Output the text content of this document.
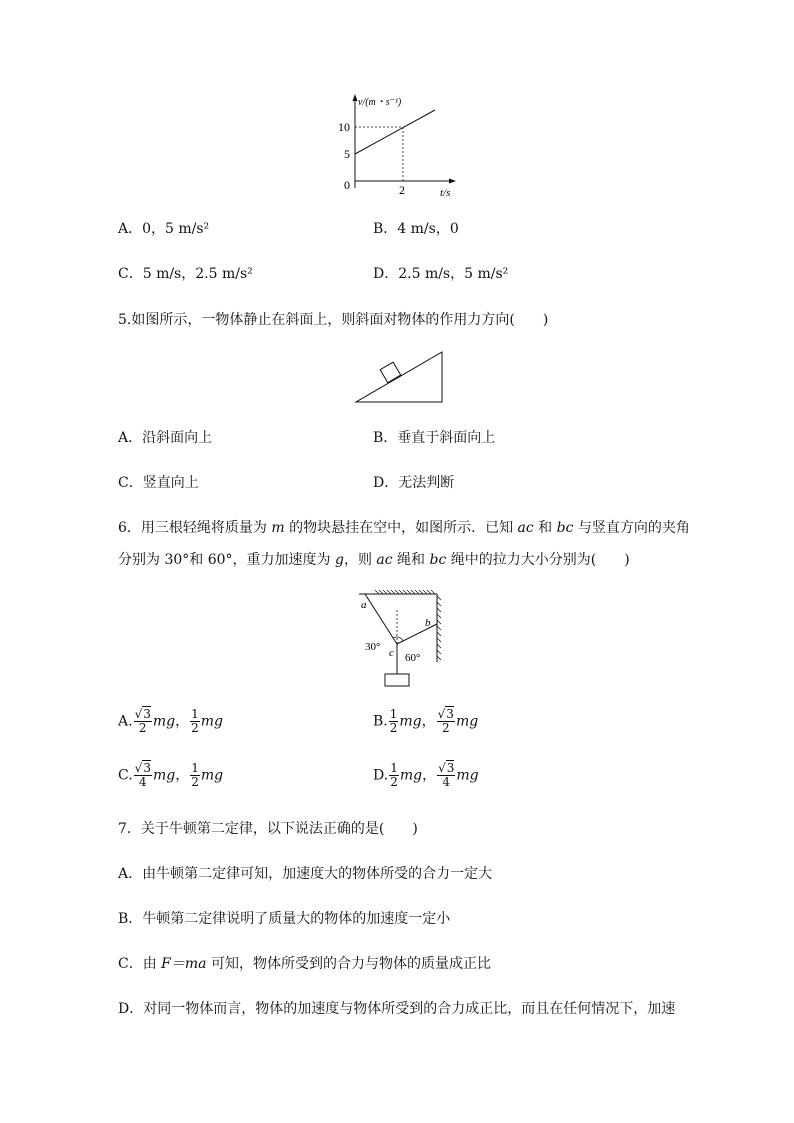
v/(m・s⁻¹)
10
5
0	2	t/s
A．0，5 m/s²	B．4 m/s，0
C．5 m/s，2.5 m/s²	D．2.5 m/s，5 m/s²
5.如图所示，一物体静止在斜面上，则斜面对物体的作用力方向(　　)
A．沿斜面向上	B．垂直于斜面向上
C．竖直向上	D．无法判断
6．用三根轻绳将质量为 m 的物块悬挂在空中，如图所示．已知 ac 和 bc 与竖直方向的夹角
分别为 30°和 60°，重力加速度为 g，则 ac 绳和 bc 绳中的拉力大小分别为(　　)
a
b
c
30°
60°
A. $\frac{√3}{2}$ mg， $\frac{1}{2}$ mg	B. $\frac{1}{2}$ mg， $\frac{√3}{2}$ mg
C. $\frac{√3}{4}$ mg， $\frac{1}{2}$ mg	D. $\frac{1}{2}$ mg， $\frac{√3}{4}$ mg
7．关于牛顿第二定律，以下说法正确的是(　　)
A．由牛顿第二定律可知，加速度大的物体所受的合力一定大
B．牛顿第二定律说明了质量大的物体的加速度一定小
C．由 F＝ma 可知，物体所受到的合力与物体的质量成正比
D．对同一物体而言，物体的加速度与物体所受到的合力成正比，而且在任何情况下，加速
